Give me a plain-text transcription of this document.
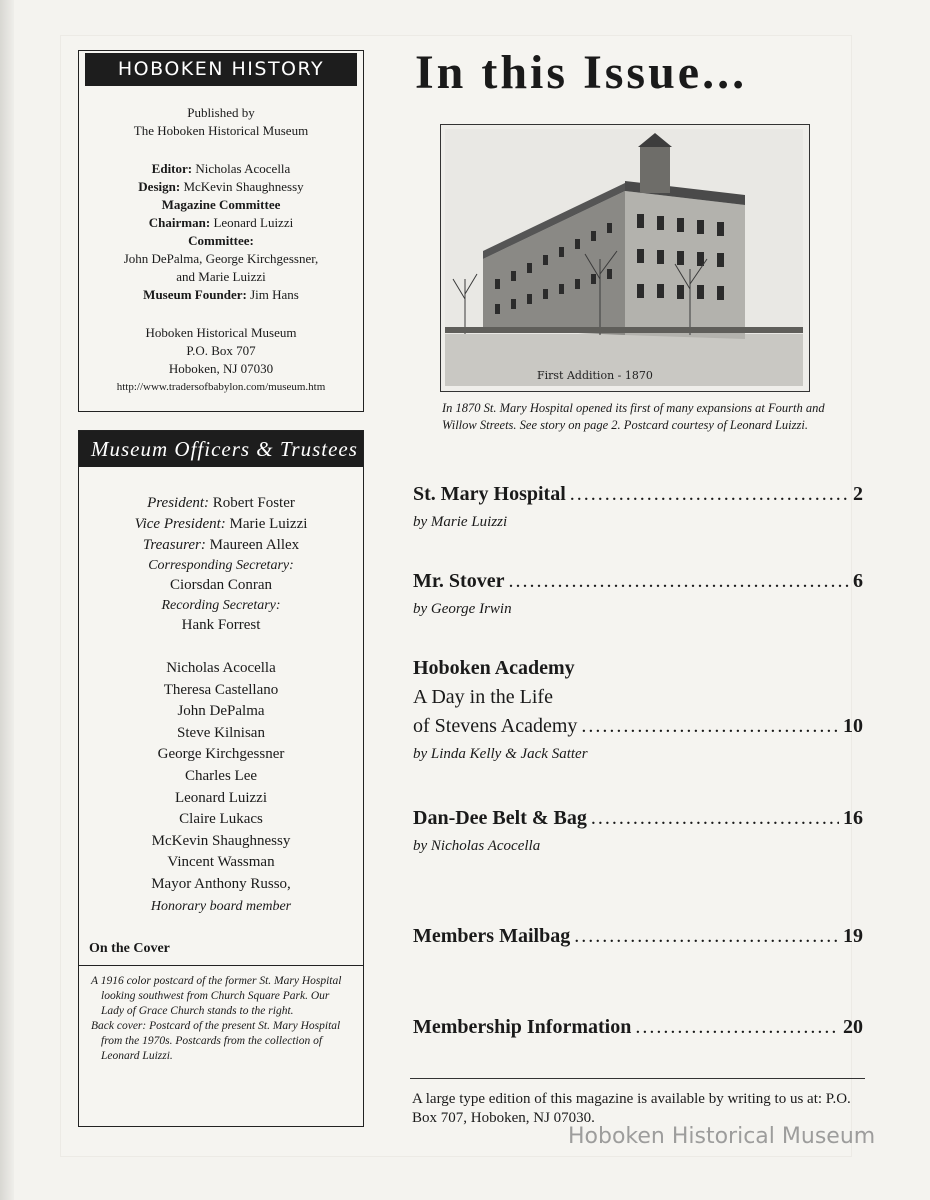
HOBOKEN HISTORY
Published by
The Hoboken Historical Museum
Editor: Nicholas Acocella
Design: McKevin Shaughnessy
Magazine Committee
Chairman: Leonard Luizzi
Committee:
John DePalma, George Kirchgessner,
and Marie Luizzi
Museum Founder: Jim Hans
Hoboken Historical Museum
P.O. Box 707
Hoboken, NJ 07030
http://www.tradersofbabylon.com/museum.htm
Museum Officers & Trustees
President: Robert Foster
Vice President: Marie Luizzi
Treasurer: Maureen Allex
Corresponding Secretary:
Ciorsdan Conran
Recording Secretary:
Hank Forrest
Nicholas Acocella
Theresa Castellano
John DePalma
Steve Kilnisan
George Kirchgessner
Charles Lee
Leonard Luizzi
Claire Lukacs
McKevin Shaughnessy
Vincent Wassman
Mayor Anthony Russo,
Honorary board member
On the Cover

A 1916 color postcard of the former St. Mary Hospital looking southwest from Church Square Park. Our Lady of Grace Church stands to the right.

Back cover: Postcard of the present St. Mary Hospital from the 1970s. Postcards from the collection of Leonard Luizzi.

In this Issue...
First Addition - 1870
In 1870 St. Mary Hospital opened its first of many expansions at Fourth and Willow Streets. See story on page 2. Postcard courtesy of Leonard Luizzi.
St. Mary Hospital .....	2
by Marie Luizzi
Mr. Stover .....	6
by George Irwin
Hoboken Academy
A Day in the Life
of Stevens Academy .....	10
by Linda Kelly & Jack Satter
Dan-Dee Belt & Bag .....	16
by Nicholas Acocella
Members Mailbag .....	19
Membership Information .....	20
A large type edition of this magazine is available by writing to us at: P.O. Box 707, Hoboken, NJ 07030.
Hoboken Historical Museum
